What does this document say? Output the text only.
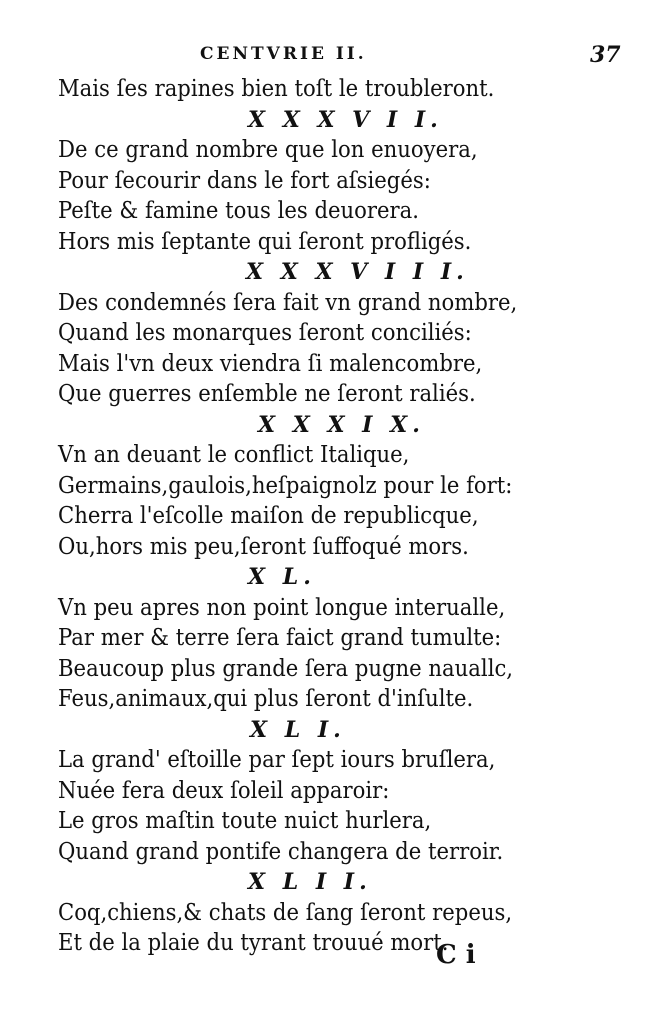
CENTVRIE II.	37
Mais ſes rapines bien toſt le troubleront.
X X X V I I.
De ce grand nombre que lon enuoyera,
Pour ſecourir dans le fort aſsiegés:
Peſte & famine tous les deuorera.
Hors mis ſeptante qui ſeront profligés.
X X X V I I I.
Des condemnés ſera fait vn grand nombre,
Quand les monarques ſeront conciliés:
Mais l'vn deux viendra ſi malencombre,
Que guerres enſemble ne ſeront raliés.
X X X I X.
Vn an deuant le conflict Italique,
Germains,gaulois,heſpaignolz pour le fort:
Cherra l'eſcolle maiſon de republicque,
Ou,hors mis peu,ſeront ſuffoqué mors.
X L.
Vn peu apres non point longue interualle,
Par mer & terre ſera faict grand tumulte:
Beaucoup plus grande ſera pugne nauallc,
Feus,animaux,qui plus ſeront d'inſulte.
X L I.
La grand' eſtoille par ſept iours bruſlera,
Nuée fera deux ſoleil apparoir:
Le gros maſtin toute nuict hurlera,
Quand grand pontife changera de terroir.
X L I I.
Coq,chiens,& chats de ſang ſeront repeus,
Et de la plaie du tyrant trouué mort.
C i
